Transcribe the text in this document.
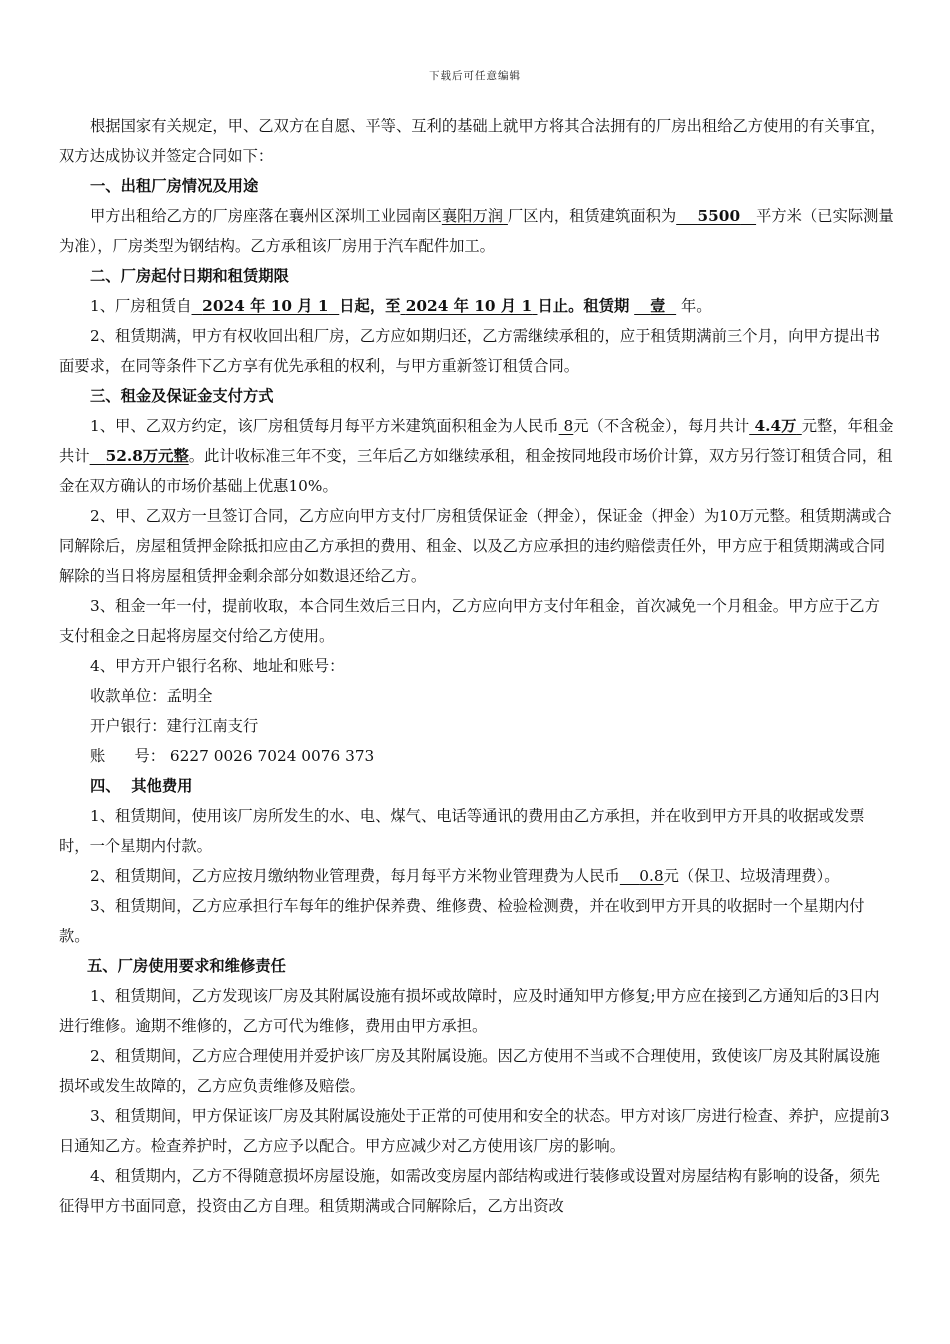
下载后可任意编辑

根据国家有关规定，甲、乙双方在自愿、平等、互利的基础上就甲方将其合法拥有的厂房出租给乙方使用的有关事宜，双方达成协议并签定合同如下：

一、出租厂房情况及用途

甲方出租给乙方的厂房座落在襄州区深圳工业园南区襄阳万润 厂区内，租赁建筑面积为 5500 平方米（已实际测量为准），厂房类型为钢结构。乙方承租该厂房用于汽车配件加工。

二、厂房起付日期和租赁期限

1、厂房租赁自 2024 年 10 月 1 日起，至 2024 年 10 月 1 日止。租赁期 壹 年。

2、租赁期满，甲方有权收回出租厂房，乙方应如期归还，乙方需继续承租的，应于租赁期满前三个月，向甲方提出书面要求，在同等条件下乙方享有优先承租的权利，与甲方重新签订租赁合同。

三、租金及保证金支付方式

1、甲、乙双方约定，该厂房租赁每月每平方米建筑面积租金为人民币 8元（不含税金），每月共计 4.4万 元整，年租金共计 52.8万元整。此计收标准三年不变，三年后乙方如继续承租，租金按同地段市场价计算，双方另行签订租赁合同，租金在双方确认的市场价基础上优惠10%。

2、甲、乙双方一旦签订合同，乙方应向甲方支付厂房租赁保证金（押金），保证金（押金）为10万元整。租赁期满或合同解除后，房屋租赁押金除抵扣应由乙方承担的费用、租金、以及乙方应承担的违约赔偿责任外，甲方应于租赁期满或合同解除的当日将房屋租赁押金剩余部分如数退还给乙方。

3、租金一年一付，提前收取，本合同生效后三日内，乙方应向甲方支付年租金，首次减免一个月租金。甲方应于乙方支付租金之日起将房屋交付给乙方使用。

4、甲方开户银行名称、地址和账号：

收款单位：孟明全

开户银行：建行江南支行

账      号： 6227 0026 7024 0076 373

四、  其他费用

1、租赁期间，使用该厂房所发生的水、电、煤气、电话等通讯的费用由乙方承担，并在收到甲方开具的收据或发票时，一个星期内付款。

2、租赁期间，乙方应按月缴纳物业管理费，每月每平方米物业管理费为人民币 0.8元（保卫、垃圾清理费）。

3、租赁期间，乙方应承担行车每年的维护保养费、维修费、检验检测费，并在收到甲方开具的收据时一个星期内付款。

五、厂房使用要求和维修责任

1、租赁期间，乙方发现该厂房及其附属设施有损坏或故障时，应及时通知甲方修复;甲方应在接到乙方通知后的3日内进行维修。逾期不维修的，乙方可代为维修，费用由甲方承担。

2、租赁期间，乙方应合理使用并爱护该厂房及其附属设施。因乙方使用不当或不合理使用，致使该厂房及其附属设施损坏或发生故障的，乙方应负责维修及赔偿。

3、租赁期间，甲方保证该厂房及其附属设施处于正常的可使用和安全的状态。甲方对该厂房进行检查、养护，应提前3日通知乙方。检查养护时，乙方应予以配合。甲方应减少对乙方使用该厂房的影响。

4、租赁期内，乙方不得随意损坏房屋设施，如需改变房屋内部结构或进行装修或设置对房屋结构有影响的设备，须先征得甲方书面同意，投资由乙方自理。租赁期满或合同解除后，乙方出资改
